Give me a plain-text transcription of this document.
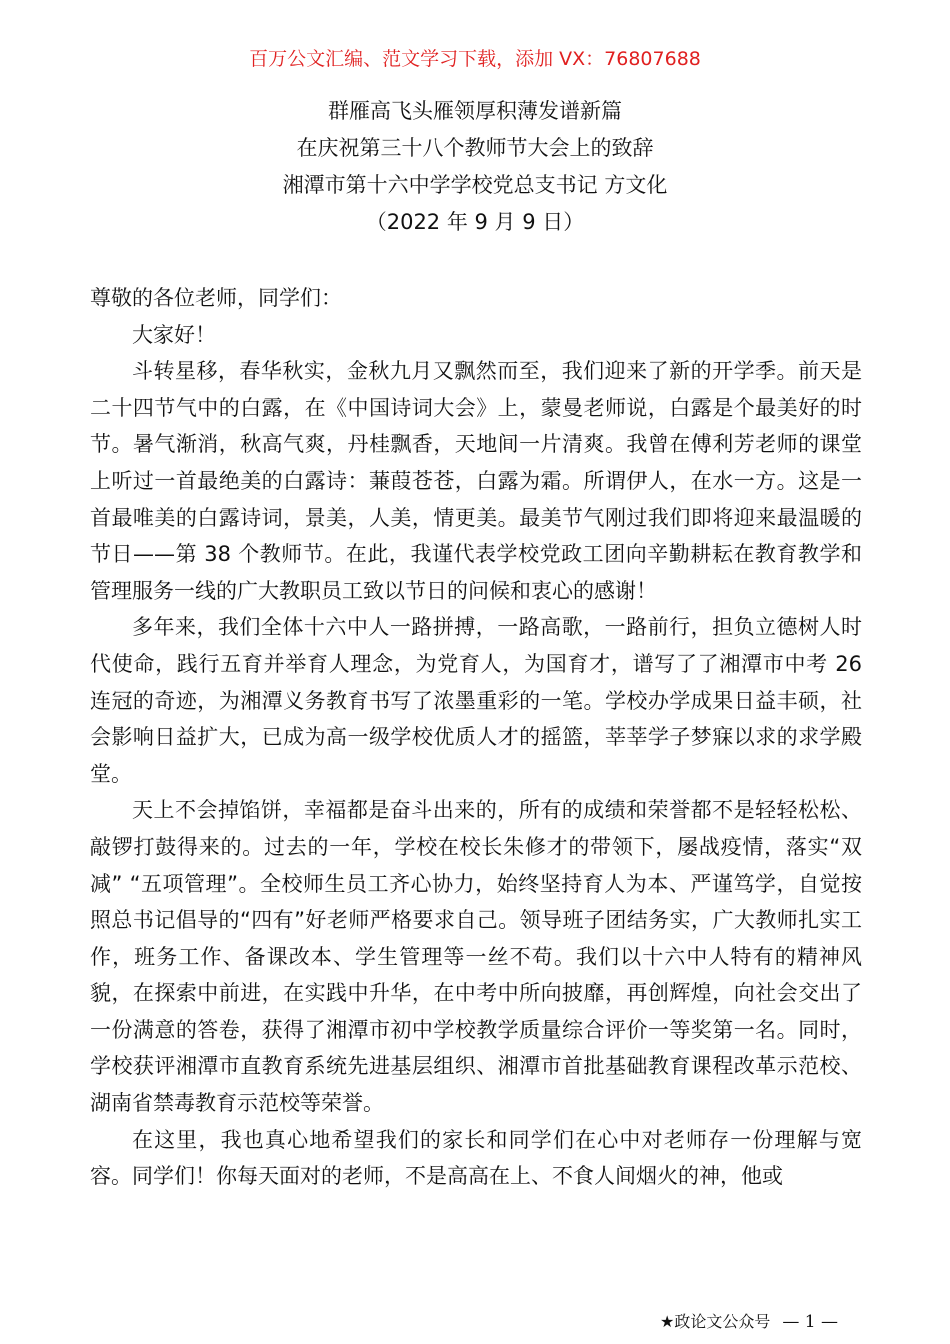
百万公文汇编、范文学习下载，添加 VX：76807688
群雁高飞头雁领厚积薄发谱新篇
在庆祝第三十八个教师节大会上的致辞
湘潭市第十六中学学校党总支书记 方文化
（2022 年 9 月 9 日）

尊敬的各位老师，同学们：

大家好！

斗转星移，春华秋实，金秋九月又飘然而至，我们迎来了新的开学季。前天是二十四节气中的白露，在《中国诗词大会》上，蒙曼老师说，白露是个最美好的时节。暑气渐消，秋高气爽，丹桂飘香，天地间一片清爽。我曾在傅利芳老师的课堂上听过一首最绝美的白露诗：蒹葭苍苍，白露为霜。所谓伊人，在水一方。这是一首最唯美的白露诗词，景美，人美，情更美。最美节气刚过我们即将迎来最温暖的节日——第 38 个教师节。在此，我谨代表学校党政工团向辛勤耕耘在教育教学和管理服务一线的广大教职员工致以节日的问候和衷心的感谢！

多年来，我们全体十六中人一路拼搏，一路高歌，一路前行，担负立德树人时代使命，践行五育并举育人理念，为党育人，为国育才，谱写了了湘潭市中考 26 连冠的奇迹，为湘潭义务教育书写了浓墨重彩的一笔。学校办学成果日益丰硕，社会影响日益扩大，已成为高一级学校优质人才的摇篮，莘莘学子梦寐以求的求学殿堂。

天上不会掉馅饼，幸福都是奋斗出来的，所有的成绩和荣誉都不是轻轻松松、敲锣打鼓得来的。过去的一年，学校在校长朱修才的带领下，屡战疫情，落实“双减” “五项管理”。全校师生员工齐心协力，始终坚持育人为本、严谨笃学，自觉按照总书记倡导的“四有”好老师严格要求自己。领导班子团结务实，广大教师扎实工作，班务工作、备课改本、学生管理等一丝不苟。我们以十六中人特有的精神风貌，在探索中前进，在实践中升华，在中考中所向披靡，再创辉煌，向社会交出了一份满意的答卷，获得了湘潭市初中学校教学质量综合评价一等奖第一名。同时，学校获评湘潭市直教育系统先进基层组织、湘潭市首批基础教育课程改革示范校、湖南省禁毒教育示范校等荣誉。

在这里，我也真心地希望我们的家长和同学们在心中对老师存一份理解与宽容。同学们！你每天面对的老师，不是高高在上、不食人间烟火的神，他或

★政论文公众号 — 1 —
